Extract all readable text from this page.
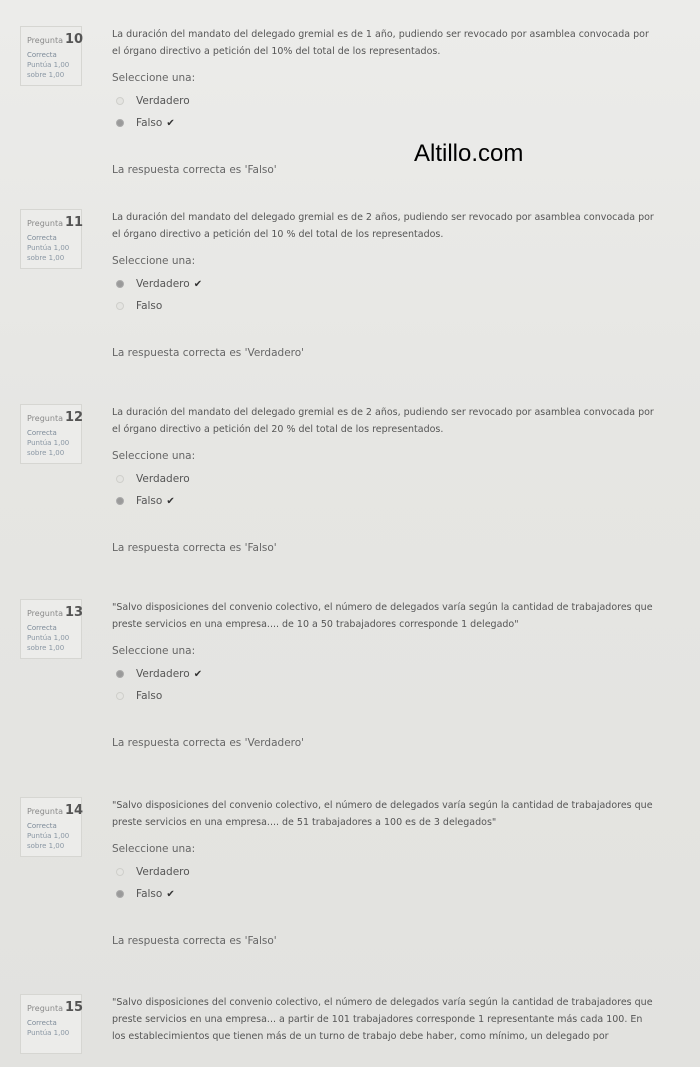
Altillo.com
Pregunta 10
Correcta
Puntúa 1,00
sobre 1,00

La duración del mandato del delegado gremial es de 1 año, pudiendo ser revocado por asamblea convocada por el órgano directivo a petición del 10% del total de los representados.

Seleccione una:
Verdadero
Falso ✔
La respuesta correcta es 'Falso'
Pregunta 11
Correcta
Puntúa 1,00
sobre 1,00

La duración del mandato del delegado gremial es de 2 años, pudiendo ser revocado por asamblea convocada por el órgano directivo a petición del 10 % del total de los representados.

Seleccione una:
Verdadero ✔
Falso
La respuesta correcta es 'Verdadero'
Pregunta 12
Correcta
Puntúa 1,00
sobre 1,00

La duración del mandato del delegado gremial es de 2 años, pudiendo ser revocado por asamblea convocada por el órgano directivo a petición del 20 % del total de los representados.

Seleccione una:
Verdadero
Falso ✔
La respuesta correcta es 'Falso'
Pregunta 13
Correcta
Puntúa 1,00
sobre 1,00

"Salvo disposiciones del convenio colectivo, el número de delegados varía según la cantidad de trabajadores que preste servicios en una empresa.... de 10 a 50 trabajadores corresponde 1 delegado"

Seleccione una:
Verdadero ✔
Falso
La respuesta correcta es 'Verdadero'
Pregunta 14
Correcta
Puntúa 1,00
sobre 1,00

"Salvo disposiciones del convenio colectivo, el número de delegados varía según la cantidad de trabajadores que preste servicios en una empresa.... de 51 trabajadores a 100 es de 3 delegados"

Seleccione una:
Verdadero
Falso ✔
La respuesta correcta es 'Falso'
Pregunta 15
Correcta
Puntúa 1,00

"Salvo disposiciones del convenio colectivo, el número de delegados varía según la cantidad de trabajadores que preste servicios en una empresa... a partir de 101 trabajadores corresponde 1 representante más cada 100. En los establecimientos que tienen más de un turno de trabajo debe haber, como mínimo, un delegado por
